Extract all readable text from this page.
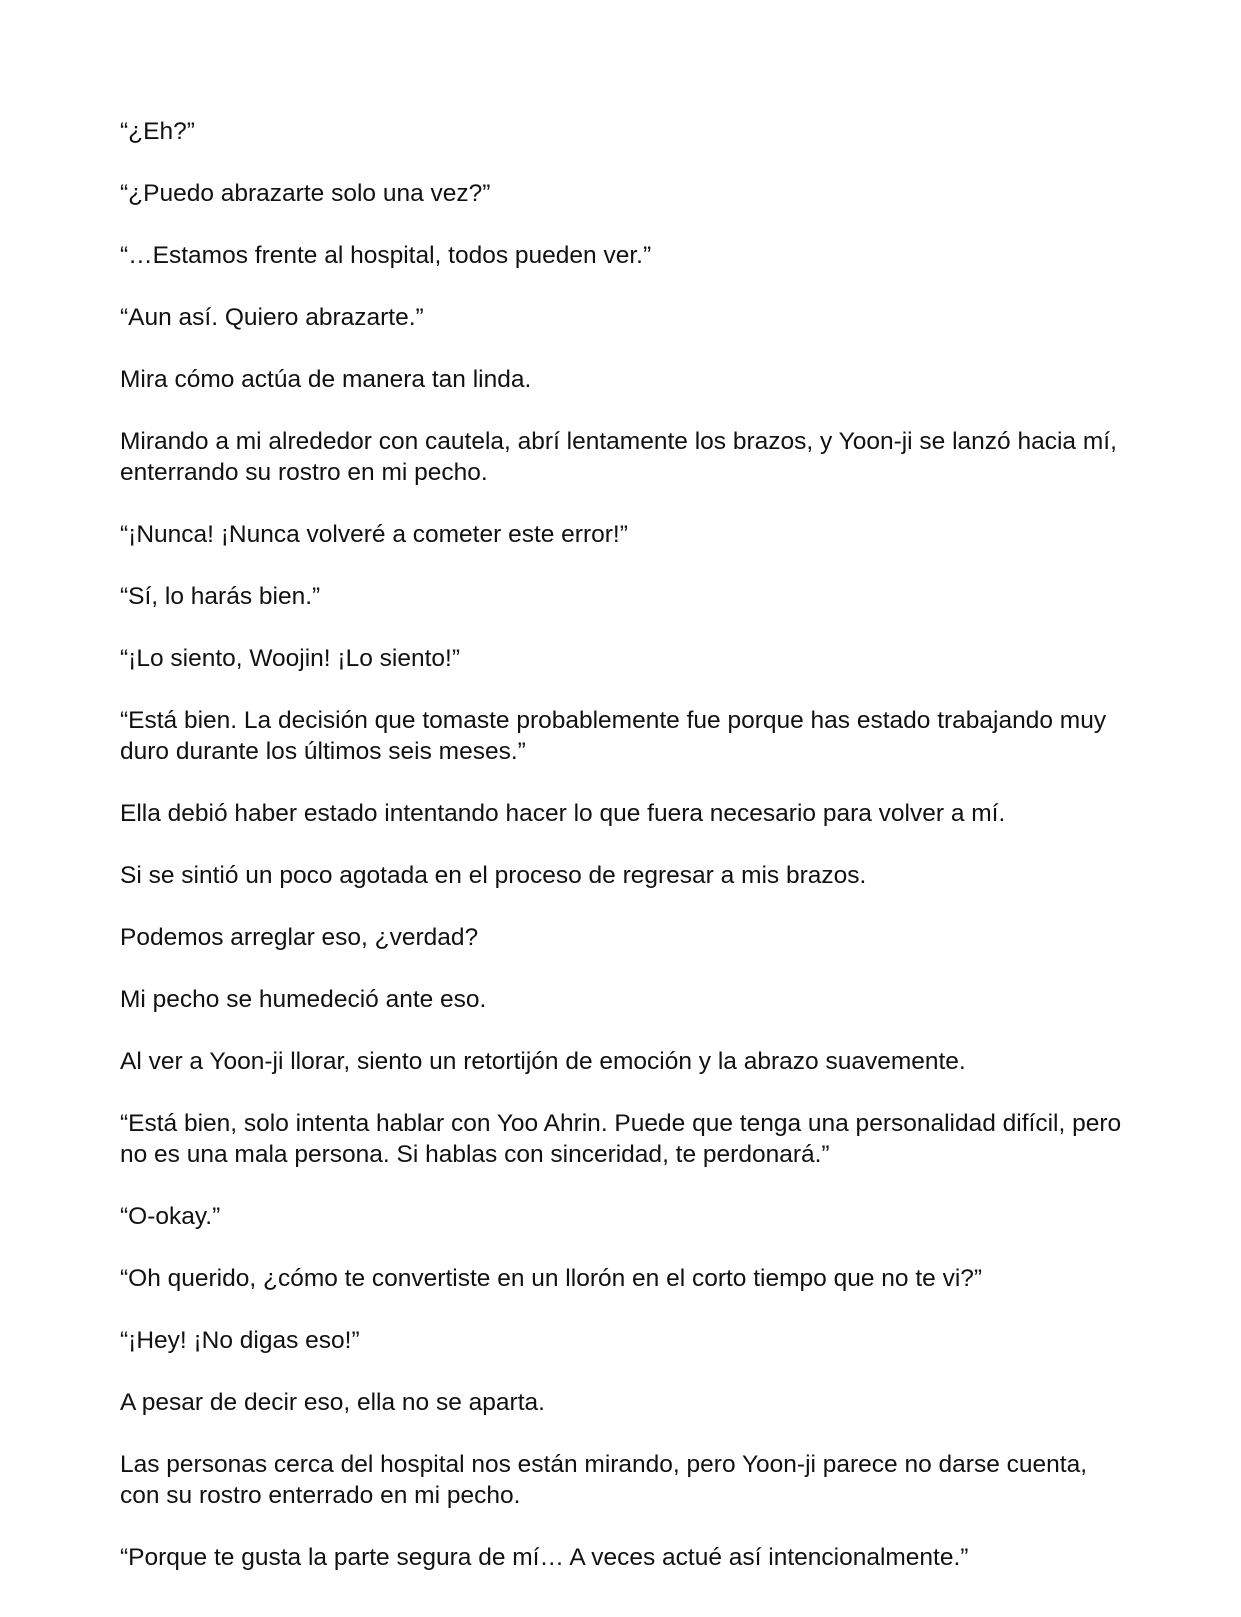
“¿Eh?”

“¿Puedo abrazarte solo una vez?”

“…Estamos frente al hospital, todos pueden ver.”

“Aun así. Quiero abrazarte.”

Mira cómo actúa de manera tan linda.

Mirando a mi alrededor con cautela, abrí lentamente los brazos, y Yoon-ji se lanzó hacia mí, enterrando su rostro en mi pecho.

“¡Nunca! ¡Nunca volveré a cometer este error!”

“Sí, lo harás bien.”

“¡Lo siento, Woojin! ¡Lo siento!”

“Está bien. La decisión que tomaste probablemente fue porque has estado trabajando muy duro durante los últimos seis meses.”

Ella debió haber estado intentando hacer lo que fuera necesario para volver a mí.

Si se sintió un poco agotada en el proceso de regresar a mis brazos.

Podemos arreglar eso, ¿verdad?

Mi pecho se humedeció ante eso.

Al ver a Yoon-ji llorar, siento un retortijón de emoción y la abrazo suavemente.

“Está bien, solo intenta hablar con Yoo Ahrin. Puede que tenga una personalidad difícil, pero no es una mala persona. Si hablas con sinceridad, te perdonará.”

“O-okay.”

“Oh querido, ¿cómo te convertiste en un llorón en el corto tiempo que no te vi?”

“¡Hey! ¡No digas eso!”

A pesar de decir eso, ella no se aparta.

Las personas cerca del hospital nos están mirando, pero Yoon-ji parece no darse cuenta, con su rostro enterrado en mi pecho.

“Porque te gusta la parte segura de mí… A veces actué así intencionalmente.”
